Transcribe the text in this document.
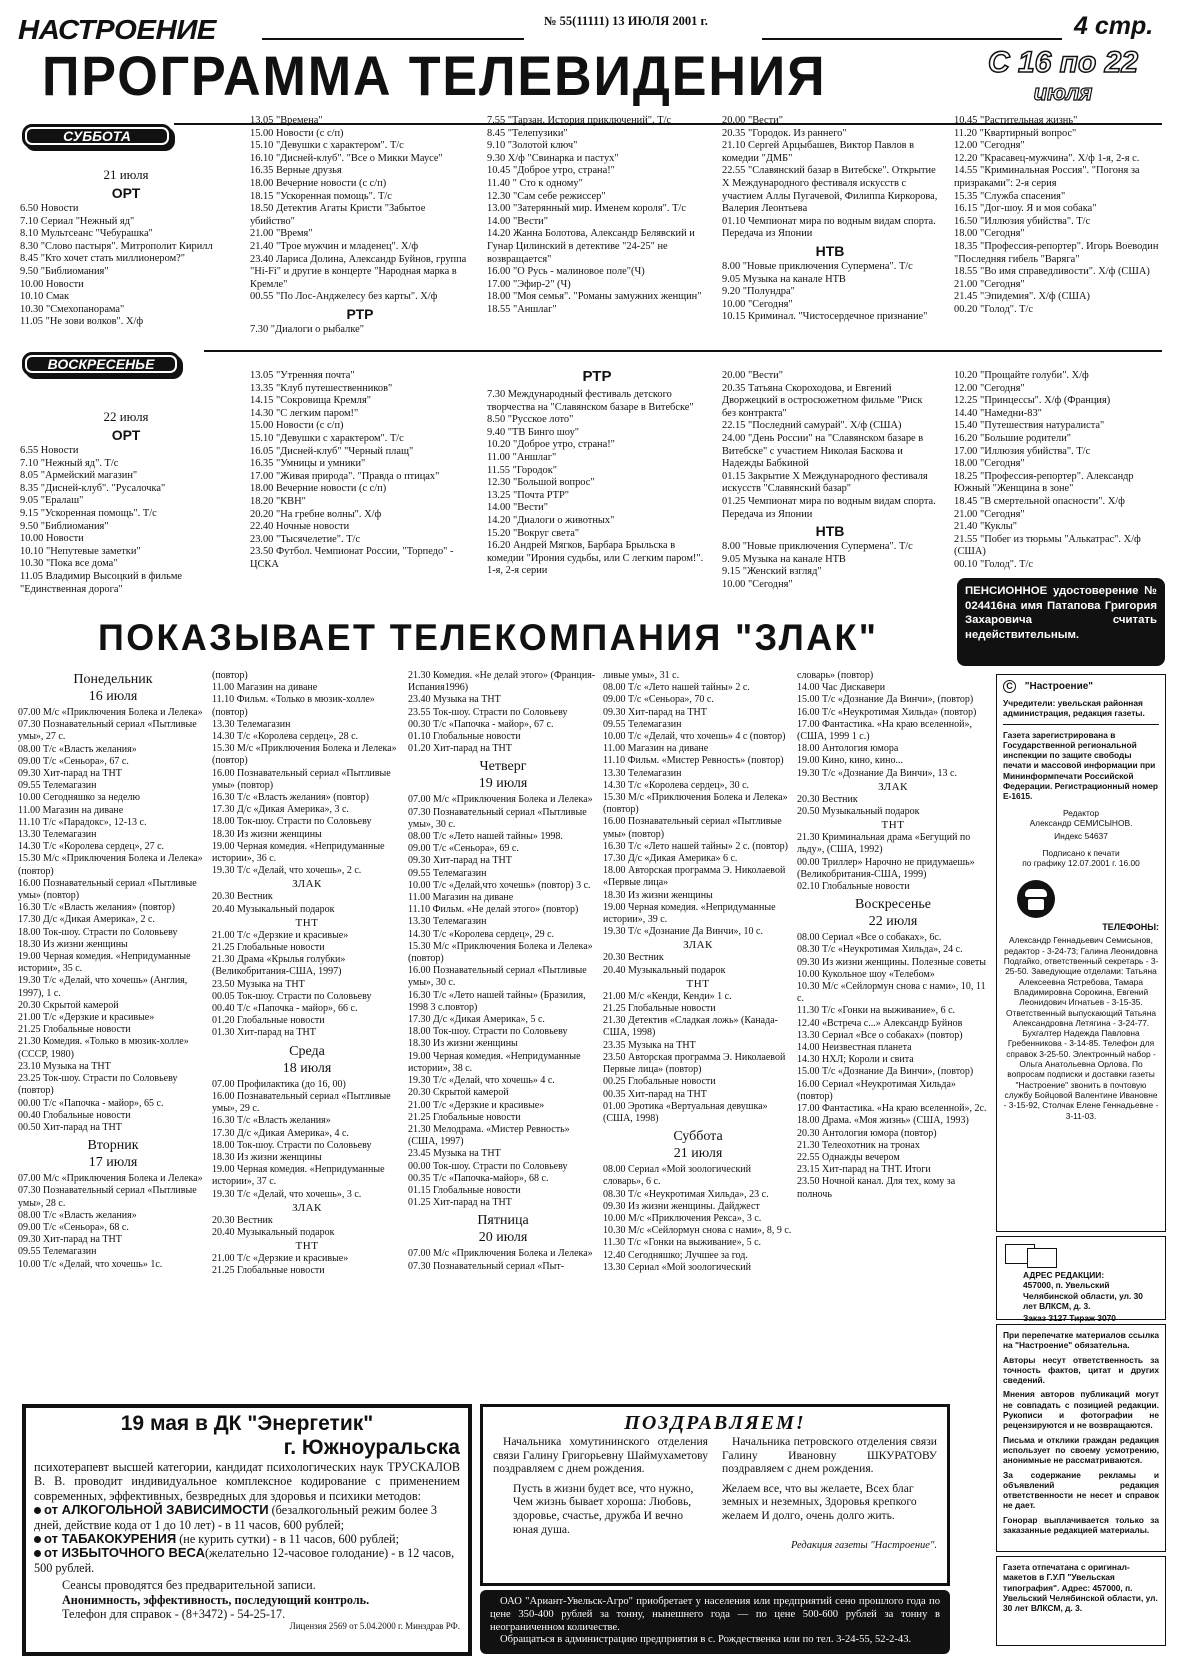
НАСТРОЕНИЕ	№ 55(11111) 13 ИЮЛЯ 2001 г.	4 стр.
ПРОГРАММА ТЕЛЕВИДЕНИЯ	С 16 по 22
июля
СУББОТА
21 июля
ОРТ
6.50 Новости
7.10 Сериал "Нежный яд"
8.10 Мультсеанс "Чебурашка"
8.30 "Слово пастыря". Митрополит Кирилл
8.45 "Кто хочет стать миллионером?"
9.50 "Библиомания"
10.00 Новости
10.10 Смак
10.30 "Смехопанорама"
11.05 "Не зови волков". Х/ф
13.05 "Времена"
15.00 Новости (с с/п)
15.10 "Девушки с характером". Т/с
16.10 "Дисней-клуб". "Все о Микки Маусе"
16.35 Верные друзья
18.00 Вечерние новости (с с/п)
18.15 "Ускоренная помощь". Т/с
18.50 Детектив Агаты Кристи "Забытое убийство"
21.00 "Время"
21.40 "Трое мужчин и младенец". Х/ф
23.40 Лариса Долина, Александр Буйнов, группа "Hi-Fi" и другие в концерте "Народная марка в Кремле"
00.55 "По Лос-Анджелесу без карты". Х/ф
РТР
7.30 "Диалоги о рыбалке"
7.55 "Тарзан. История приключений". Т/с
8.45 "Телепузики"
9.10 "Золотой ключ"
9.30 Х/ф "Свинарка и пастух"
10.45 "Доброе утро, страна!"
11.40 " Сто к одному"
12.30 "Сам себе режиссер"
13.00 "Затерянный мир. Именем короля". Т/с
14.00 "Вести"
14.20 Жанна Болотова, Александр Белявский и Гунар Цилинский в детективе "24-25" не возвращается"
16.00 "О Русь - малиновое поле"(Ч)
17.00 "Эфир-2" (Ч)
18.00 "Моя семья". "Романы замужних женщин"
18.55 "Аншлаг"
20.00 "Вести"
20.35 "Городок. Из раннего"
21.10 Сергей Арцыбашев, Виктор Павлов в комедии "ДМБ"
22.55 "Славянский базар в Витебске". Открытие X Международного фестиваля искусств с участием Аллы Пугачевой, Филиппа Киркорова, Валерия Леонтьева
01.10 Чемпионат мира по водным видам спорта. Передача из Японии
НТВ
8.00 "Новые приключения Супермена". Т/с
9.05 Музыка на канале НТВ
9.20 "Полундра"
10.00 "Сегодня"
10.15 Криминал. "Чистосердечное признание"
10.45 "Растительная жизнь"
11.20 "Квартирный вопрос"
12.00 "Сегодня"
12.20 "Красавец-мужчина". Х/ф 1-я, 2-я с.
14.55 "Криминальная Россия". "Погоня за призраками": 2-я серия
15.35 "Служба спасения"
16.15 "Дог-шоу. Я и моя собака"
16.50 "Иллюзия убийства". Т/с
18.00 "Сегодня"
18.35 "Профессия-репортер". Игорь Воеводин "Последняя гибель "Варяга"
18.55 "Во имя справедливости". Х/ф (США)
21.00 "Сегодня"
21.45 "Эпидемия". Х/ф (США)
00.20 "Голод". Т/с
ВОСКРЕСЕНЬЕ
22 июля
ОРТ
6.55 Новости
7.10 "Нежный яд". Т/с
8.05 "Армейский магазин"
8.35 "Дисней-клуб". "Русалочка"
9.05 "Ералаш"
9.15 "Ускоренная помощь". Т/с
9.50 "Библиомания"
10.00 Новости
10.10 "Непутевые заметки"
10.30 "Пока все дома"
11.05 Владимир Высоцкий в фильме "Единственная дорога"
13.05 "Утренняя почта"
13.35 "Клуб путешественников"
14.15 "Сокровища Кремля"
14.30 "С легким паром!"
15.00 Новости (с с/п)
15.10 "Девушки с характером". Т/с
16.05 "Дисней-клуб" "Черный плащ"
16.35 "Умницы и умники"
17.00 "Живая природа". "Правда о птицах"
18.00 Вечерние новости (с с/п)
18.20 "КВН"
20.20 "На гребне волны". Х/ф
22.40 Ночные новости
23.00 "Тысячелетие". Т/с
23.50 Футбол. Чемпионат России, "Торпедо" - ЦСКА
РТР
7.30 Международный фестиваль детского творчества на "Славянском базаре в Витебске"
8.50 "Русское лото"
9.40 "ТВ Бинго шоу"
10.20 "Доброе утро, страна!"
11.00 "Аншлаг"
11.55 "Городок"
12.30 "Большой вопрос"
13.25 "Почта РТР"
14.00 "Вести"
14.20 "Диалоги о животных"
15.20 "Вокруг света"
16.20 Андрей Мягков, Барбара Брыльска в комедии "Ирония судьбы, или С легким паром!". 1-я, 2-я серии
20.00 "Вести"
20.35 Татьяна Скороходова, и Евгений Дворжецкий в остросюжетном фильме "Риск без контракта"
22.15 "Последний самурай". Х/ф (США)
24.00 "День России" на "Славянском базаре в Витебске" с участием Николая Баскова и Надежды Бабкиной
01.15 Закрытие X Международного фестиваля искусств "Славянский базар"
01.25 Чемпионат мира по водным видам спорта. Передача из Японии
НТВ
8.00 "Новые приключения Супермена". Т/с
9.05 Музыка на канале НТВ
9.15 "Женский взгляд"
10.00 "Сегодня"
10.20 "Прощайте голуби". Х/ф
12.00 "Сегодня"
12.25 "Принцессы". Х/ф (Франция)
14.40 "Намедни-83"
15.40 "Путешествия натуралиста"
16.20 "Большие родители"
17.00 "Иллюзия убийства". Т/с
18.00 "Сегодня"
18.25 "Профессия-репортер". Александр Южный "Женщина в зоне"
18.45 "В смертельной опасности". Х/ф
21.00 "Сегодня"
21.40 "Куклы"
21.55 "Побег из тюрьмы "Алькатрас". Х/ф (США)
00.10 "Голод". Т/с
ПЕНСИОННОЕ удостоверение № 024416на имя Патапова Григория Захаровича считать недействительным.
ПОКАЗЫВАЕТ ТЕЛЕКОМПАНИЯ "ЗЛАК"
Понедельник
16 июля
07.00 М/с «Приключения Болека и Лелека»
07.30 Познавательный сериал «Пытливые умы», 27 с.
08.00 Т/с «Власть желания»
09.00 Т/с «Сеньора», 67 с.
09.30 Хит-парад на ТНТ
09.55 Телемагазин
10.00 Сегодняшко за неделю
11.00 Магазин на диване
11.10 Т/с «Парадокс», 12-13 с.
13.30 Телемагазин
14.30 Т/с «Королева сердец», 27 с.
15.30 М/с «Приключения Болека и Лелека» (повтор)
16.00 Познавательный сериал «Пытливые умы» (повтор)
16.30 Т/с «Власть желания» (повтор)
17.30 Д/с «Дикая Америка», 2 с.
18.00 Ток-шоу. Страсти по Соловьеву
18.30 Из жизни женщины
19.00 Черная комедия. «Непридуманные истории», 35 с.
19.30 Т/с «Делай, что хочешь» (Англия, 1997), 1 с.
20.30 Скрытой камерой
21.00 Т/с «Дерзкие и красивые»
21.25 Глобальные новости
21.30 Комедия. «Только в мюзик-холле» (СССР, 1980)
23.10 Музыка на ТНТ
23.25 Ток-шоу. Страсти по Соловьеву (повтор)
00.00 Т/с «Папочка - майор», 65 с.
00.40 Глобальные новости
00.50 Хит-парад на ТНТ
Вторник
17 июля
07.00 М/с «Приключения Болека и Лелека»
07.30 Познавательный сериал «Пытливые умы», 28 с.
08.00 Т/с «Власть желания»
09.00 Т/с «Сеньора», 68 с.
09.30 Хит-парад на ТНТ
09.55 Телемагазин
10.00 Т/с «Делай, что хочешь» 1с.
(повтор)
11.00 Магазин на диване
11.10 Фильм. «Только в мюзик-холле» (повтор)
13.30 Телемагазин
14.30 Т/с «Королева сердец», 28 с.
15.30 М/с «Приключения Болека и Лелека» (повтор)
16.00 Познавательный сериал «Пытливые умы» (повтор)
16.30 Т/с «Власть желания» (повтор)
17.30 Д/с «Дикая Америка», 3 с.
18.00 Ток-шоу. Страсти по Соловьеву
18.30 Из жизни женщины
19.00 Черная комедия. «Непридуманные истории», 36 с.
19.30 Т/с «Делай, что хочешь», 2 с.
ЗЛАК
20.30 Вестник
20.40 Музыкальный подарок
ТНТ
21.00 Т/с «Дерзкие и красивые»
21.25 Глобальные новости
21.30 Драма «Крылья голубки» (Великобритания-США, 1997)
23.50 Музыка на ТНТ
00.05 Ток-шоу. Страсти по Соловьеву
00.40 Т/с «Папочка - майор», 66 с.
01.20 Глобальные новости
01.30 Хит-парад на ТНТ
Среда
18 июля
07.00 Профилактика (до 16, 00)
16.00 Познавательный сериал «Пытливые умы», 29 с.
16.30 Т/с «Власть желания»
17.30 Д/с «Дикая Америка», 4 с.
18.00 Ток-шоу. Страсти по Соловьеву
18.30 Из жизни женщины
19.00 Черная комедия. «Непридуманные истории», 37 с.
19.30 Т/с «Делай, что хочешь», 3 с.
ЗЛАК
20.30 Вестник
20.40 Музыкальный подарок
ТНТ
21.00 Т/с «Дерзкие и красивые»
21.25 Глобальные новости
21.30 Комедия. «Не делай этого» (Франция-Испания1996)
23.40 Музыка на ТНТ
23.55 Ток-шоу. Страсти по Соловьеву
00.30 Т/с «Папочка - майор», 67 с.
01.10 Глобальные новости
01.20 Хит-парад на ТНТ
Четверг
19 июля
07.00 М/с «Приключения Болека и Лелека»
07.30 Познавательный сериал «Пытливые умы», 30 с.
08.00 Т/с «Лето нашей тайны» 1998.
09.00 Т/с «Сеньора», 69 с.
09.30 Хит-парад на ТНТ
09.55 Телемагазин
10.00 Т/с «Делай,что хочешь» (повтор) 3 с.
11.00 Магазин на диване
11.10 Фильм. «Не делай этого» (повтор)
13.30 Телемагазин
14.30 Т/с «Королева сердец», 29 с.
15.30 М/с «Приключения Болека и Лелека» (повтор)
16.00 Познавательный сериал «Пытливые умы», 30 с.
16.30 Т/с «Лето нашей тайны» (Бразилия, 1998 3 с.повтор)
17.30 Д/с «Дикая Америка», 5 с.
18.00 Ток-шоу. Страсти по Соловьеву
18.30 Из жизни женщины
19.00 Черная комедия. «Непридуманные истории», 38 с.
19.30 Т/с «Делай, что хочешь» 4 с.
20.30 Скрытой камерой
21.00 Т/с «Дерзкие и красивые»
21.25 Глобальные новости
21.30 Мелодрама. «Мистер Ревность» (США, 1997)
23.45 Музыка на ТНТ
00.00 Ток-шоу. Страсти по Соловьеву
00.35 Т/с «Папочка-майор», 68 с.
01.15 Глобальные новости
01.25 Хит-парад на ТНТ
Пятница
20 июля
07.00 М/с «Приключения Болека и Лелека»
07.30 Познавательный сериал «Пыт-
ливые умы», 31 с.
08.00 Т/с «Лето нашей тайны» 2 с.
09.00 Т/с «Сеньора», 70 с.
09.30 Хит-парад на ТНТ
09.55 Телемагазин
10.00 Т/с «Делай, что хочешь» 4 с (повтор)
11.00 Магазин на диване
11.10 Фильм. «Мистер Ревность» (повтор)
13.30 Телемагазин
14.30 Т/с «Королева сердец», 30 с.
15.30 М/с «Приключения Болека и Лелека» (повтор)
16.00 Познавательный сериал «Пытливые умы» (повтор)
16.30 Т/с «Лето нашей тайны» 2 с. (повтор)
17.30 Д/с «Дикая Америка» 6 с.
18.00 Авторская программа Э. Николаевой «Первые лица»
18.30 Из жизни женщины
19.00 Черная комедия. «Непридуманные истории», 39 с.
19.30 Т/с «Дознание Да Винчи», 10 с.
ЗЛАК
20.30 Вестник
20.40 Музыкальный подарок
ТНТ
21.00 М/с «Кенди, Кенди» 1 с.
21.25 Глобальные новости
21.30 Детектив «Сладкая ложь» (Канада-США, 1998)
23.35 Музыка на ТНТ
23.50 Авторская программа Э. Николаевой Первые лица» (повтор)
00.25 Глобальные новости
00.35 Хит-парад на ТНТ
01.00 Эротика «Вертуальная девушка» (США, 1998)
Суббота
21 июля
08.00 Сериал «Мой зоологический словарь», 6 с.
08.30 Т/с «Неукротимая Хильда», 23 с.
09.30 Из жизни женщины. Дайджест
10.00 М/с «Приключения Рекса», 3 с.
10.30 М/с «Сейлормун снова с нами», 8, 9 с.
11.30 Т/с «Гонки на выживание», 5 с.
12.40 Сегодняшко; Лучшее за год.
13.30 Сериал «Мой зоологический
словарь» (повтор)
14.00 Час Дискавери
15.00 Т/с «Дознание Да Винчи», (повтор)
16.00 Т/с «Неукротимая Хильда» (повтор)
17.00 Фантастика. «На краю вселенной», (США, 1999 1 с.)
18.00 Антология юмора
19.00 Кино, кино, кино...
19.30 Т/с «Дознание Да Винчи», 13 с.
ЗЛАК
20.30 Вестник
20.50 Музыкальный подарок
ТНТ
21.30 Криминальная драма «Бегущий по льду», (США, 1992)
00.00 Триллер» Нарочно не придумаешь» (Великобритания-США, 1999)
02.10 Глобальные новости
Воскресенье
22 июля
08.00 Сериал «Все о собаках», 6с.
08.30 Т/с «Неукротимая Хильда», 24 с.
09.30 Из жизни женщины. Полезные советы
10.00 Кукольное шоу «Телебом»
10.30 М/с «Сейлормун снова с нами», 10, 11 с.
11.30 Т/с «Гонки на выживание», 6 с.
12.40 «Встреча с...» Александр Буйнов
13.30 Сериал «Все о собаках» (повтор)
14.00 Неизвестная планета
14.30 НХЛ; Короли и свита
15.00 Т/с «Дознание Да Винчи», (повтор)
16.00 Сериал «Неукротимая Хильда» (повтор)
17.00 Фантастика. «На краю вселенной», 2с.
18.00 Драма. «Моя жизнь» (США, 1993)
20.30 Антология юмора (повтор)
21.30 Телеохотник на тронах
22.55 Однажды вечером
23.15 Хит-парад на ТНТ. Итоги
23.50 Ночной канал. Для тех, кому за полночь
C "Настроение"
Учредители: увельская районная администрация, редакция газеты.
Газета зарегистрирована в Государственной региональной инспекции по защите свободы печати и массовой информации при Мининформпечати Российской Федерации. Регистрационный номер Е-1615.
Редактор
Александр СЕМИСЫНОВ.
Индекс 54637
Подписано к печати
по графику 12.07.2001 г. 16.00
ТЕЛЕФОНЫ:
Александр Геннадьевич Семисынов, редактор - 3-24-73; Галина Леонидовна Подгайко, ответственный секретарь - 3-25-50. Заведующие отделами: Татьяна Алексеевна Ястребова, Тамара Владимировна Сорокина, Евгений Леонидович Игнатьев - 3-15-35. Ответственный выпускающий Татьяна Александровна Летягина - 3-24-77. Бухгалтер Надежда Павловна Гребенникова - 3-14-85. Телефон для справок 3-25-50. Электронный набор - Ольга Анатольевна Орлова. По вопросам подписки и доставки газеты "Настроение" звонить в почтовую службу Бойцовой Валентине Ивановне - 3-15-92, Столчак Елене Геннадьевне - 3-11-03.
АДРЕС РЕДАКЦИИ:
457000, п. Увельский Челябинской области, ул. 30 лет ВЛКСМ, д. 3.
Заказ 3127 Тираж 3070
При перепечатке материалов ссылка на "Настроение" обязательна.
Авторы несут ответственность за точность фактов, цитат и других сведений.
Мнения авторов публикаций могут не совпадать с позицией редакции. Рукописи и фотографии не рецензируются и не возвращаются.
Письма и отклики граждан редакция использует по своему усмотрению, анонимные не рассматриваются.
За содержание рекламы и объявлений редакция ответственности не несет и справок не дает.
Гонорар выплачивается только за заказанные редакцией материалы.
Газета отпечатана с оригинал-макетов в Г.У.П "Увельская типография". Адрес: 457000, п. Увельский Челябинской области, ул. 30 лет ВЛКСМ, д. 3.
19 мая в ДК "Энергетик"
г. Южноуральска
психотерапевт высшей категории, кандидат психологических наук ТРУСКАЛОВ В. В. проводит индивидуальное комплексное кодирование с применением современных, эффективных, безвредных для здоровья и психики методов:
от АЛКОГОЛЬНОЙ ЗАВИСИМОСТИ (безалкогольный режим более 3 дней, действие кода от 1 до 10 лет) - в 11 часов, 600 рублей;
от ТАБАКОКУРЕНИЯ (не курить сутки) - в 11 часов, 600 рублей;
от ИЗБЫТОЧНОГО ВЕСА(желательно 12-часовое голодание) - в 12 часов, 500 рублей.
Сеансы проводятся без предварительной записи.
Анонимность, эффективность, последующий контроль.
Телефон для справок - (8+3472) - 54-25-17.
Лицензия 2569 от 5.04.2000 г. Минздрав РФ.
ПОЗДРАВЛЯЕМ!
Начальника хомутининского отделения связи Галину Григорьевну Шаймухаметову поздравляем с днем рождения.
Пусть в жизни будет все, что нужно, Чем жизнь бывает хороша: Любовь, здоровье, счастье, дружба И вечно юная душа.
Начальника петровского отделения связи Галину Ивановну ШКУРАТОВУ поздравляем с днем рождения.
Желаем все, что вы желаете, Всех благ земных и неземных, Здоровья крепкого желаем И долго, очень долго жить.
Редакция газеты "Настроение".
ОАО "Ариант-Увельск-Агро" приобретает у населения или предприятий сено прошлого года по цене 350-400 рублей за тонну, нынешнего года — по цене 500-600 рублей за тонну в неограниченном количестве.
Обращаться в администрацию предприятия в с. Рождественка или по тел. 3-24-55, 52-2-43.
